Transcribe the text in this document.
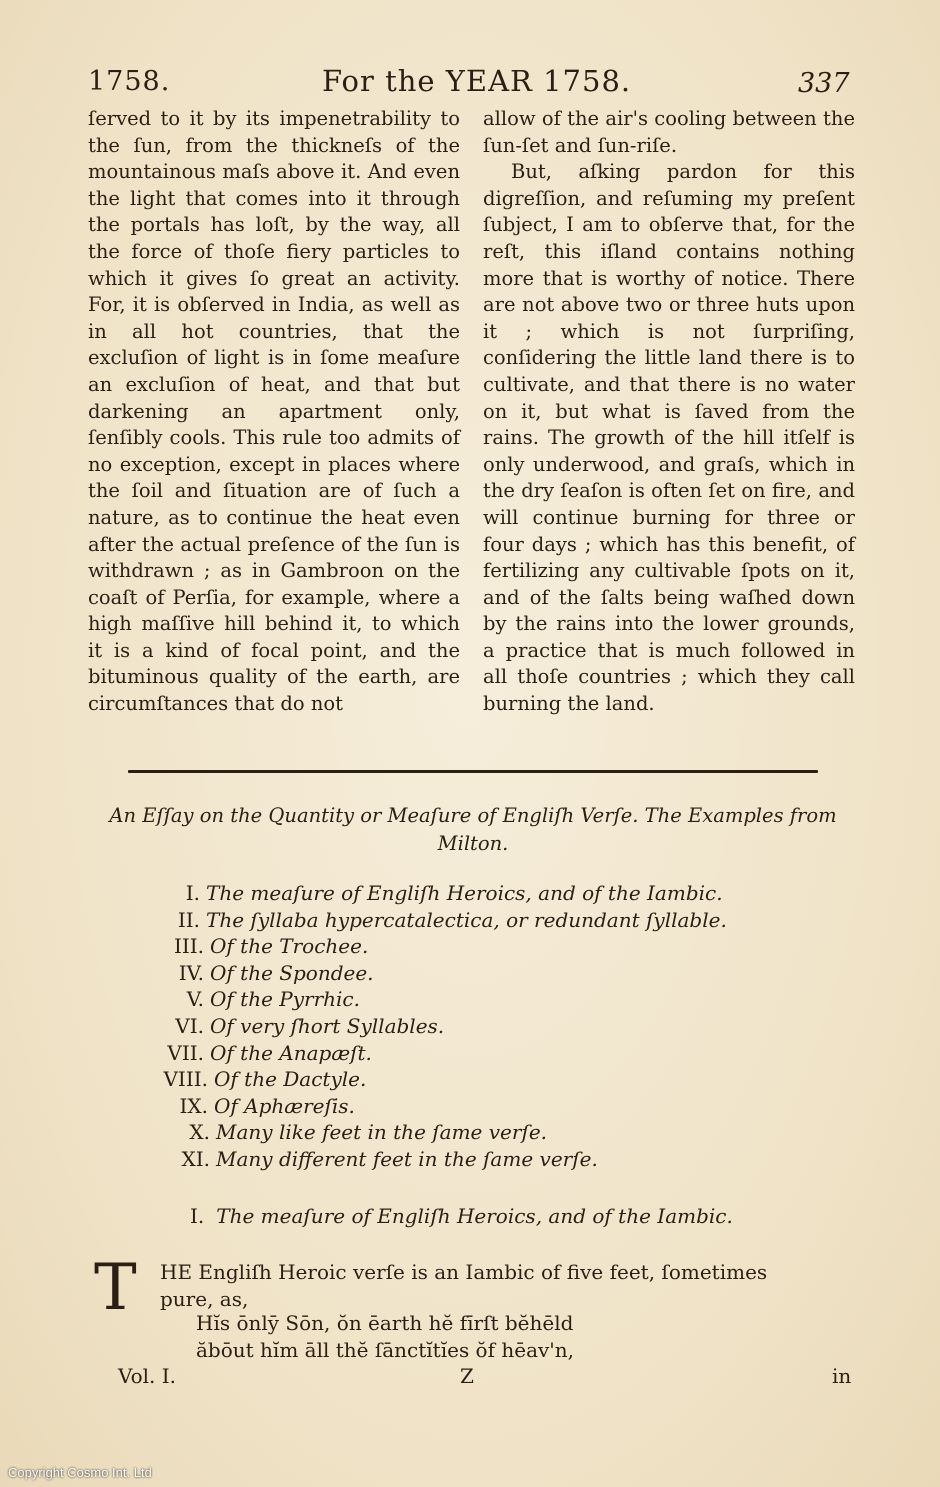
1758.	For the YEAR 1758.	337

ſerved to it by its impenetrability to the ſun, from the thickneſs of the mountainous maſs above it. And even the light that comes into it through the portals has loſt, by the way, all the force of thoſe fiery particles to which it gives ſo great an activity. For, it is obſerved in India, as well as in all hot countries, that the excluſion of light is in ſome meaſure an excluſion of heat, and that but darkening an apartment only, ſenſibly cools. This rule too admits of no exception, except in places where the ſoil and ſituation are of ſuch a nature, as to continue the heat even after the actual preſence of the ſun is withdrawn ; as in Gambroon on the coaſt of Perſia, for example, where a high maſſive hill behind it, to which it is a kind of focal point, and the bituminous quality of the earth, are circumſtances that do not

allow of the air's cooling between the ſun-ſet and ſun-riſe.

But, aſking pardon for this digreſſion, and reſuming my preſent ſubject, I am to obſerve that, for the reſt, this iſland contains nothing more that is worthy of notice. There are not above two or three huts upon it ; which is not ſurpriſing, conſidering the little land there is to cultivate, and that there is no water on it, but what is ſaved from the rains. The growth of the hill itſelf is only underwood, and graſs, which in the dry ſeaſon is often ſet on fire, and will continue burning for three or four days ; which has this benefit, of fertilizing any cultivable ſpots on it, and of the ſalts being waſhed down by the rains into the lower grounds, a practice that is much followed in all thoſe countries ; which they call burning the land.

An Eſſay on the Quantity or Meaſure of Engliſh Verſe. The Examples from Milton.
I. The meaſure of Engliſh Heroics, and of the Iambic.
II. The ſyllaba hypercatalectica, or redundant ſyllable.
III. Of the Trochee.
IV. Of the Spondee.
V. Of the Pyrrhic.
VI. Of very ſhort Syllables.
VII. Of the Anapæſt.
VIII. Of the Dactyle.
IX. Of Aphæreſis.
X. Many like feet in the ſame verſe.
XI. Many different feet in the ſame verſe.
I. The meaſure of Engliſh Heroics, and of the Iambic.
T HE Engliſh Heroic verſe is an Iambic of five feet, ſometimes

pure, as,

Hĭs ōnlȳ Sōn, ŏn ēarth hĕ fīrſt bĕhēld

ăbōut hĭm āll thĕ ſānctĭtĭes ŏf hēav'n,

Vol. I.	Z	in
Copyright Cosmo Int. Ltd
